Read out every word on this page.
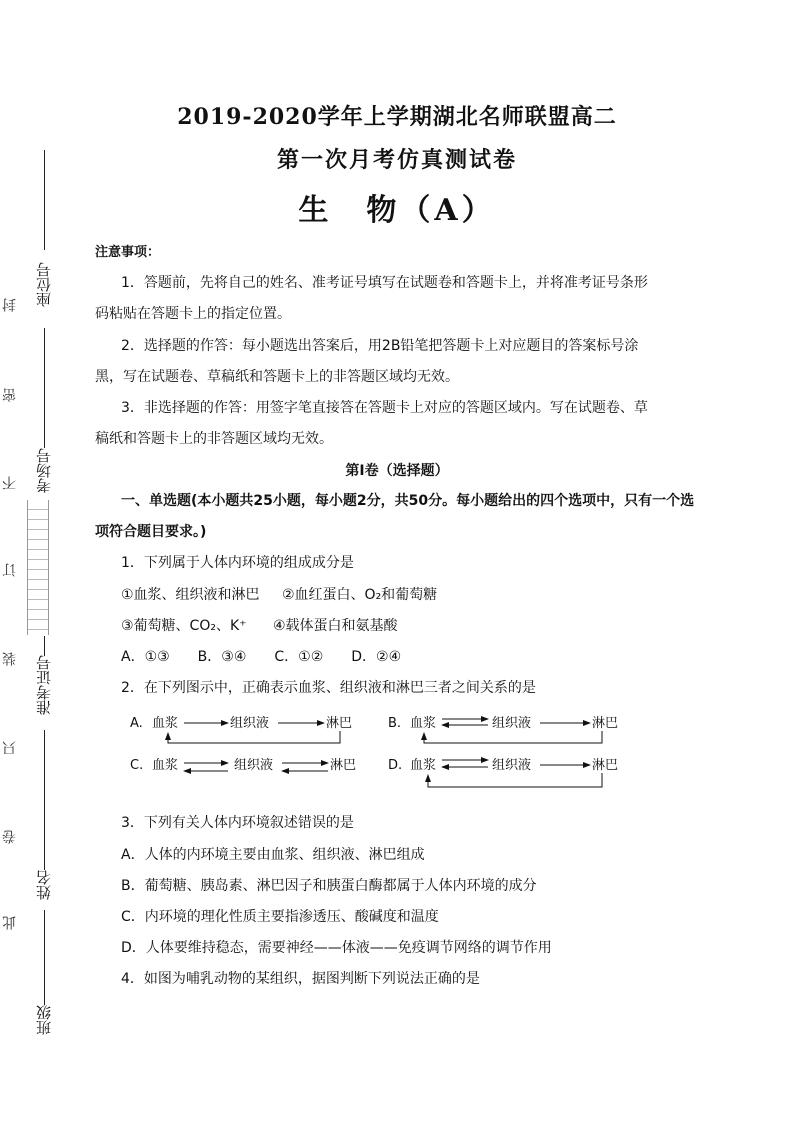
座位号
考场号
准考证号
姓名
班级
封
密
不
订
装
只
卷
此
2019-2020学年上学期湖北名师联盟高二
第一次月考仿真测试卷
生　物（A）
注意事项：
1．答题前，先将自己的姓名、准考证号填写在试题卷和答题卡上，并将准考证号条形
码粘贴在答题卡上的指定位置。
2．选择题的作答：每小题选出答案后，用2B铅笔把答题卡上对应题目的答案标号涂
黑，写在试题卷、草稿纸和答题卡上的非答题区域均无效。
3．非选择题的作答：用签字笔直接答在答题卡上对应的答题区域内。写在试题卷、草
稿纸和答题卡上的非答题区域均无效。
第Ⅰ卷（选择题）
一、单选题(本小题共25小题，每小题2分，共50分。每小题给出的四个选项中，只有一个选
项符合题目要求。)
1．下列属于人体内环境的组成成分是
①血浆、组织液和淋巴 ②血红蛋白、O₂和葡萄糖
③葡萄糖、CO₂、K⁺ ④载体蛋白和氨基酸
A．①③　　B．③④　　C．①②　　D．②④
2．在下列图示中，正确表示血浆、组织液和淋巴三者之间关系的是
A. 血浆	组织液	淋巴	B. 血浆	组织液	淋巴
C. 血浆	组织液	淋巴 D. 血浆	组织液	淋巴
3．下列有关人体内环境叙述错误的是
A．人体的内环境主要由血浆、组织液、淋巴组成
B．葡萄糖、胰岛素、淋巴因子和胰蛋白酶都属于人体内环境的成分
C．内环境的理化性质主要指渗透压、酸碱度和温度
D．人体要维持稳态，需要神经——体液——免疫调节网络的调节作用
4．如图为哺乳动物的某组织，据图判断下列说法正确的是
